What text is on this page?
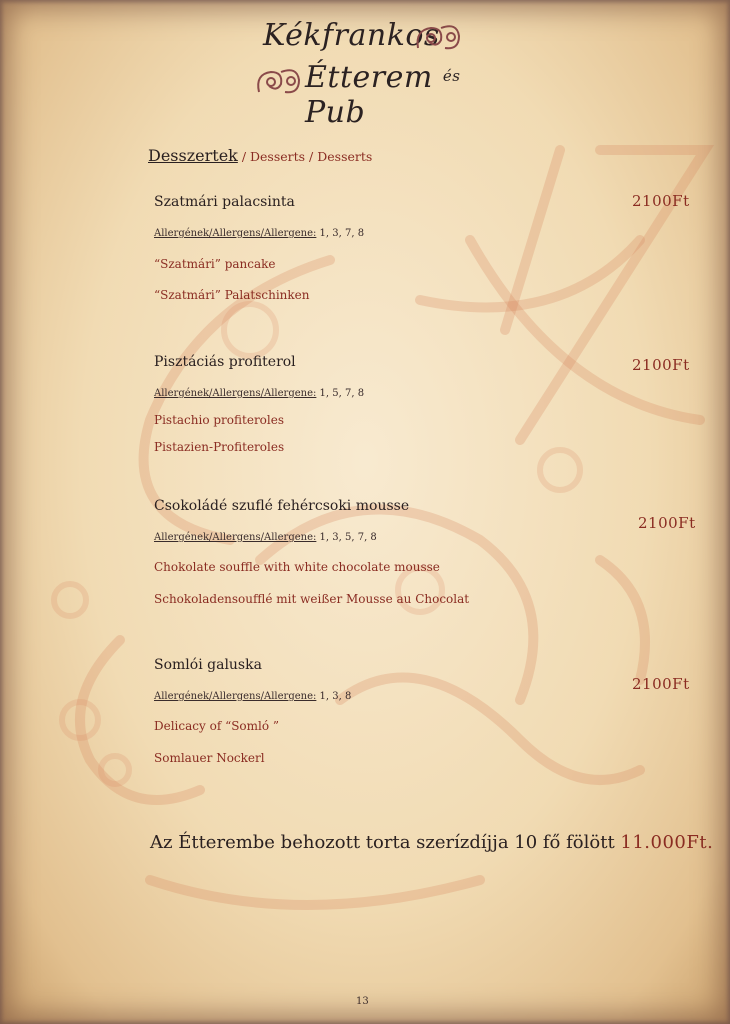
Kékfrankos
Étterem $^{és}$ Pub
Desszertek / Desserts / Desserts
Szatmári palacsinta
Allergének/Allergens/Allergene: 1, 3, 7, 8
“Szatmári” pancake
“Szatmári” Palatschinken
2100Ft
Pisztáciás profiterol
Allergének/Allergens/Allergene: 1, 5, 7, 8
Pistachio profiteroles
Pistazien-Profiteroles
2100Ft
Csokoládé szuflé fehércsoki mousse
Allergének/Allergens/Allergene: 1, 3, 5, 7, 8
Chokolate souffle with white chocolate mousse
Schokoladensoufflé mit weißer Mousse au Chocolat
2100Ft
Somlói galuska
Allergének/Allergens/Allergene: 1, 3, 8
Delicacy of “Somló ”
Somlauer Nockerl
2100Ft
Az Étterembe behozott torta szerízdíjja 10 fő fölött 11.000Ft.
13
